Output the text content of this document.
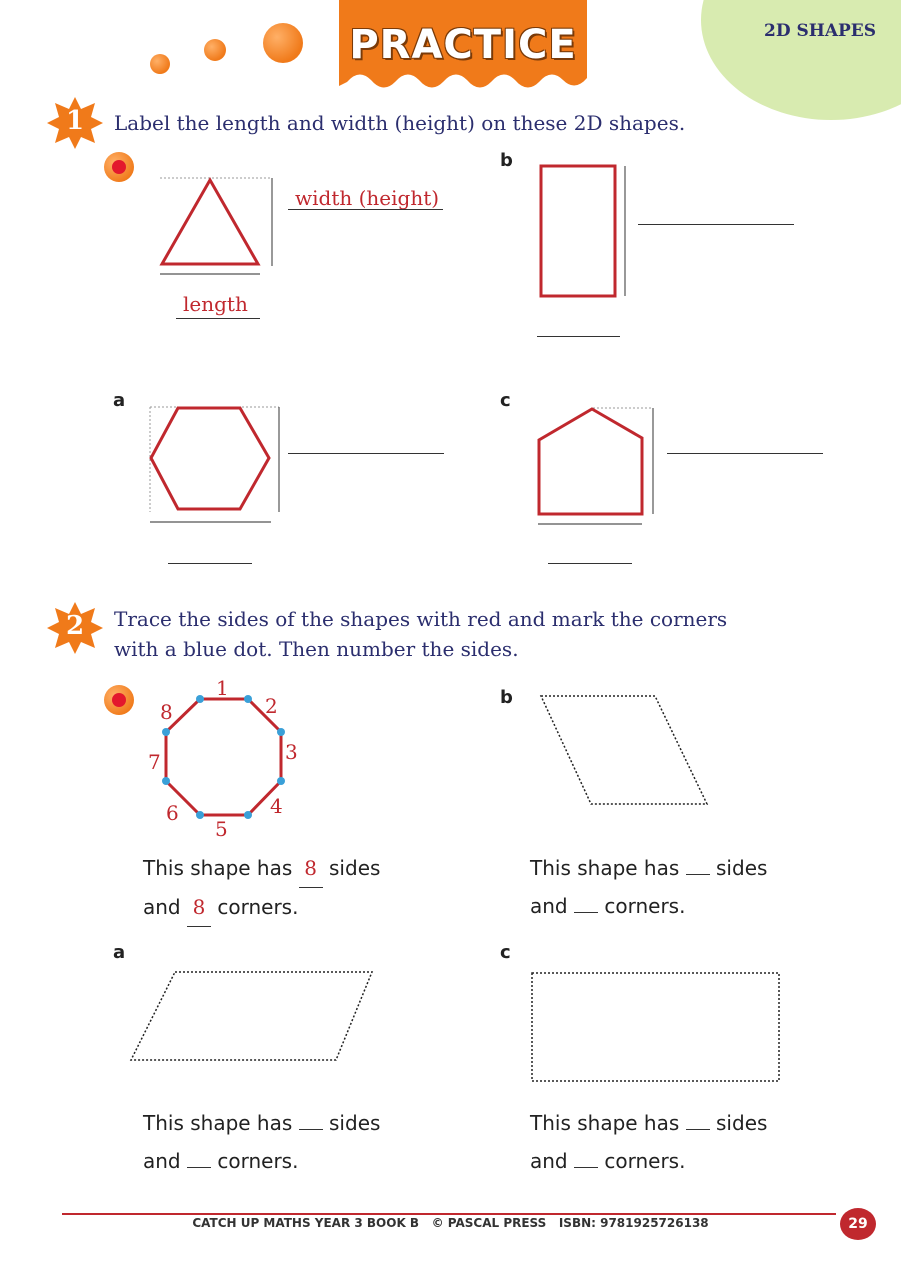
PRACTICE	2D SHAPES
1	Label the length and width (height) on these 2D shapes.
width (height)
length
b
a	c
2	Trace the sides of the shapes with red and mark the corners
with a blue dot. Then number the sides.
1
2
3
4
5
6
7
8
This shape has 8 sides
and 8 corners.
b
This shape has sides
and corners.
a
This shape has sides
and corners.
c
This shape has sides
and corners.
CATCH UP MATHS YEAR 3 BOOK B   © PASCAL PRESS   ISBN: 9781925726138	29
